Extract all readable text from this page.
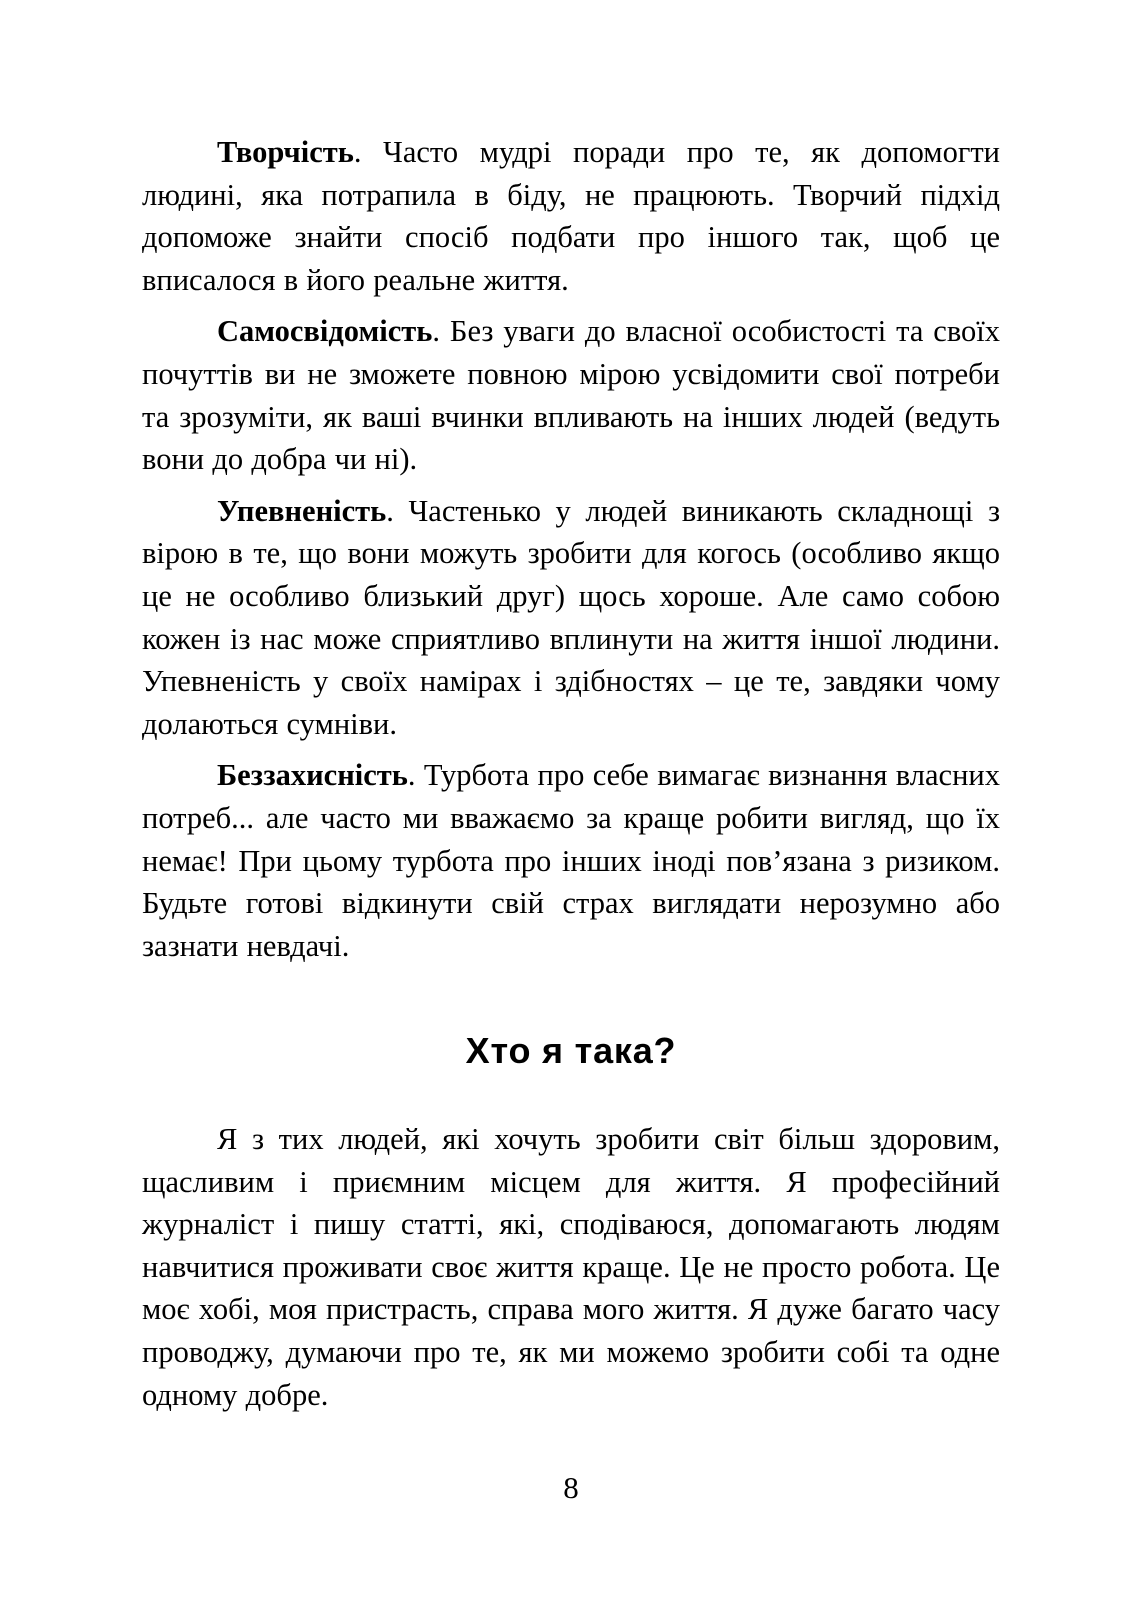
Творчість. Часто мудрі поради про те, як допомогти людині, яка потрапила в біду, не працюють. Творчий підхід допоможе знайти спосіб подбати про іншого так, щоб це вписалося в його реальне життя.

Самосвідомість. Без уваги до власної особистості та своїх почуттів ви не зможете повною мірою усвідомити свої потреби та зрозуміти, як ваші вчинки впливають на інших людей (ведуть вони до добра чи ні).

Упевненість. Частенько у людей виникають складнощі з вірою в те, що вони можуть зробити для когось (особливо якщо це не особливо близький друг) щось хороше. Але само собою кожен із нас може сприятливо вплинути на життя іншої людини. Упевненість у своїх намірах і здібностях – це те, завдяки чому долаються сумніви.

Беззахисність. Турбота про себе вимагає визнання власних потреб... але часто ми вважаємо за краще робити вигляд, що їх немає! При цьому турбота про інших іноді пов’язана з ризиком. Будьте готові відкинути свій страх виглядати нерозумно або зазнати невдачі.

Хто я така?

Я з тих людей, які хочуть зробити світ більш здоровим, щасливим і приємним місцем для життя. Я професійний журналіст і пишу статті, які, сподіваюся, допомагають людям навчитися проживати своє життя краще. Це не просто робота. Це моє хобі, моя пристрасть, справа мого життя. Я дуже багато часу проводжу, думаючи про те, як ми можемо зробити собі та одне одному добре.

8
